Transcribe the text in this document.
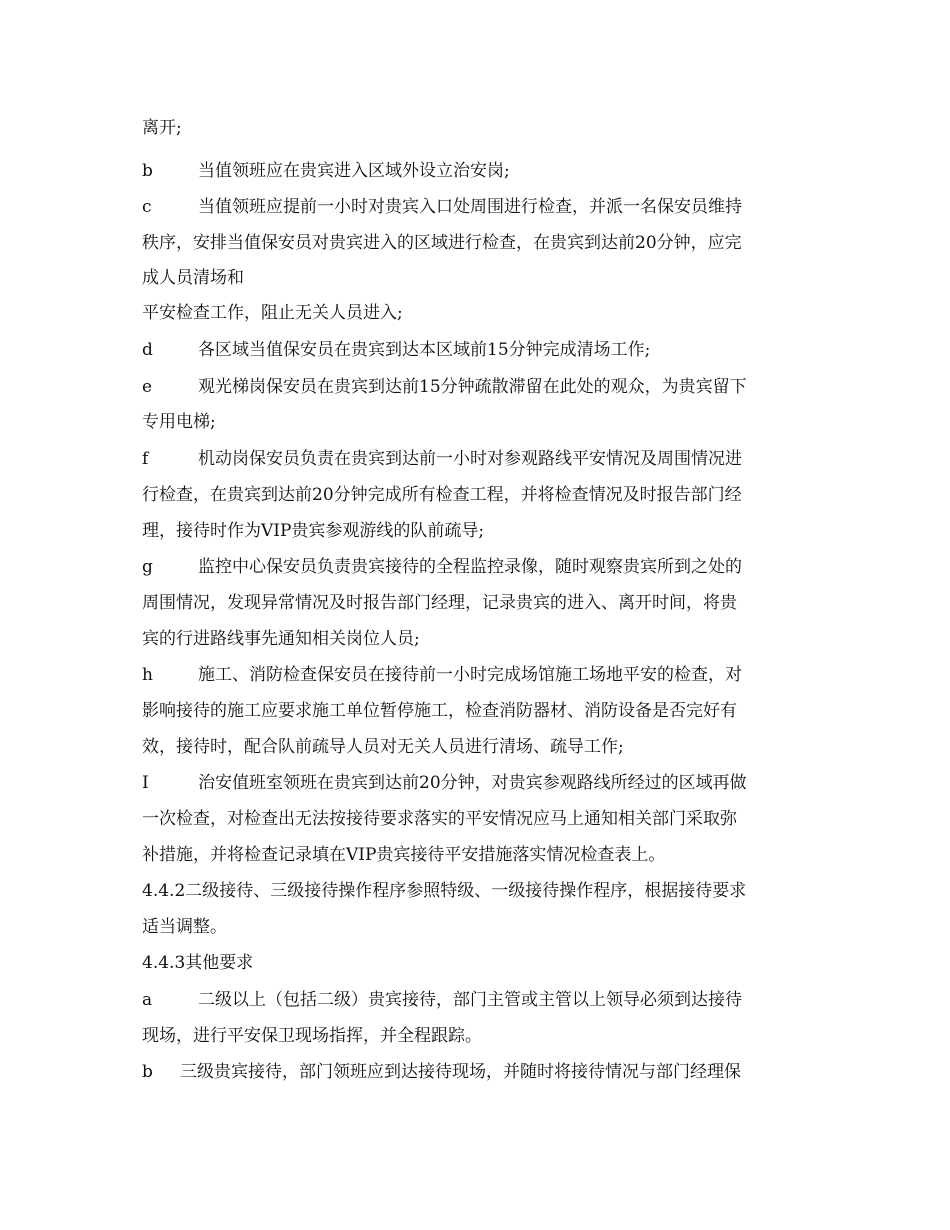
离开;
b	当值领班应在贵宾进入区域外设立治安岗;
c	当值领班应提前一小时对贵宾入口处周围进行检查，并派一名保安员维持
秩序，安排当值保安员对贵宾进入的区域进行检查，在贵宾到达前20分钟，应完
成人员清场和
平安检查工作，阻止无关人员进入;
d	各区域当值保安员在贵宾到达本区域前15分钟完成清场工作;
e	观光梯岗保安员在贵宾到达前15分钟疏散滞留在此处的观众，为贵宾留下
专用电梯;
f	机动岗保安员负责在贵宾到达前一小时对参观路线平安情况及周围情况进
行检查，在贵宾到达前20分钟完成所有检查工程，并将检查情况及时报告部门经
理，接待时作为VIP贵宾参观游线的队前疏导;
g	监控中心保安员负责贵宾接待的全程监控录像，随时观察贵宾所到之处的
周围情况，发现异常情况及时报告部门经理，记录贵宾的进入、离开时间，将贵
宾的行进路线事先通知相关岗位人员;
h	施工、消防检查保安员在接待前一小时完成场馆施工场地平安的检查，对
影响接待的施工应要求施工单位暂停施工，检查消防器材、消防设备是否完好有
效，接待时，配合队前疏导人员对无关人员进行清场、疏导工作;
I	治安值班室领班在贵宾到达前20分钟，对贵宾参观路线所经过的区域再做
一次检查，对检查出无法按接待要求落实的平安情况应马上通知相关部门采取弥
补措施，并将检查记录填在VIP贵宾接待平安措施落实情况检查表上。
4.4.2二级接待、三级接待操作程序参照特级、一级接待操作程序，根据接待要求
适当调整。
4.4.3其他要求
a	二级以上（包括二级）贵宾接待，部门主管或主管以上领导必须到达接待
现场，进行平安保卫现场指挥，并全程跟踪。
b 三级贵宾接待，部门领班应到达接待现场，并随时将接待情况与部门经理保
